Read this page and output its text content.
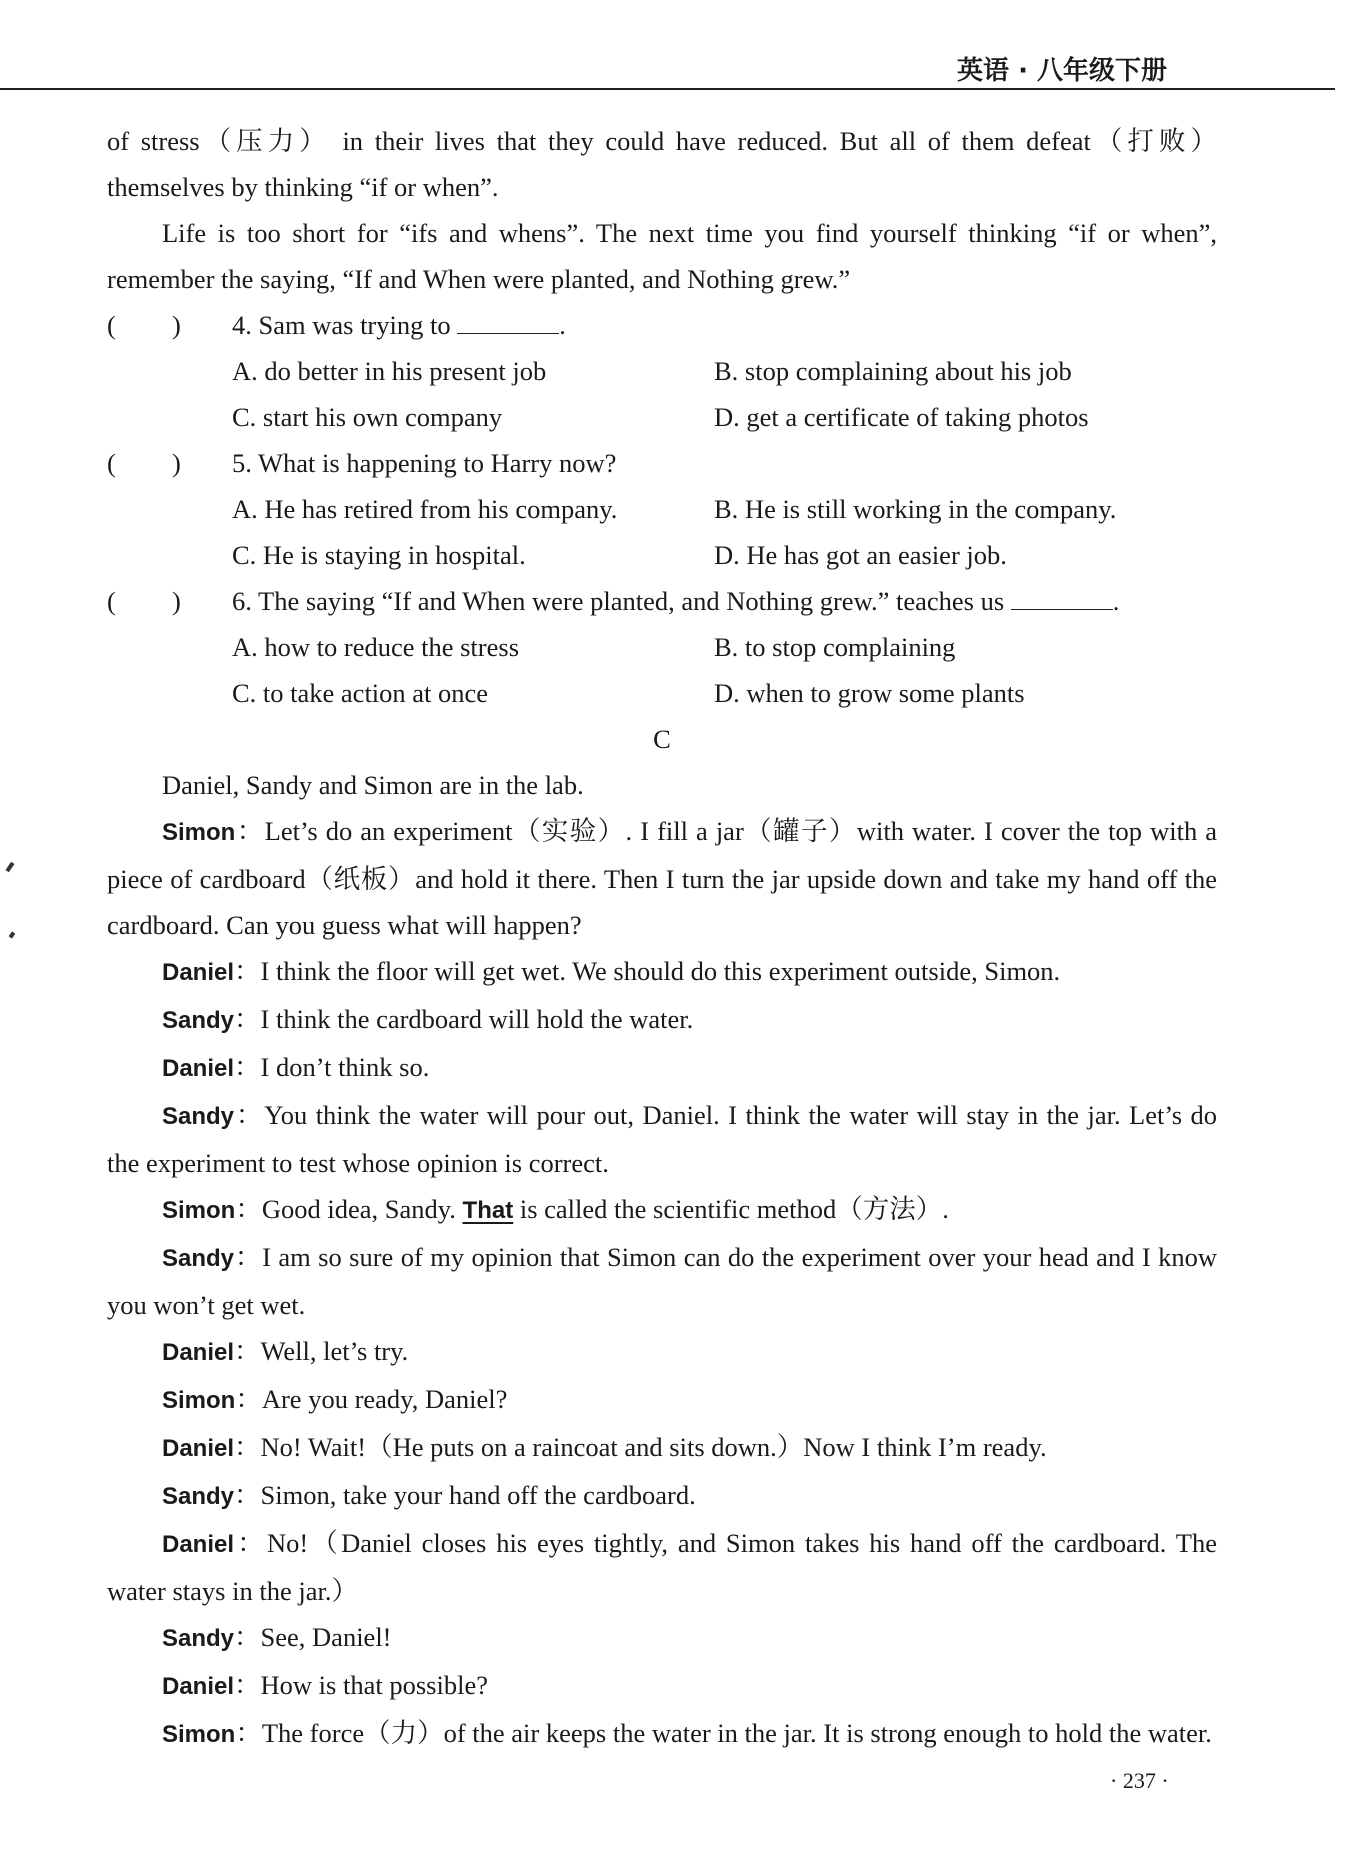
英语 · 八年级下册

of stress（压力） in their lives that they could have reduced. But all of them defeat（打败） themselves by thinking “if or when”.

Life is too short for “ifs and whens”. The next time you find yourself thinking “if or when”, remember the saying, “If and When were planted, and Nothing grew.”

( ) 4. Sam was trying to	.

A. do better in his present job	B. stop complaining about his job
C. start his own company	D. get a certificate of taking photos

( ) 5. What is happening to Harry now?

A. He has retired from his company.	B. He is still working in the company.
C. He is staying in hospital.	D. He has got an easier job.

( ) 6. The saying “If and When were planted, and Nothing grew.” teaches us	.

A. how to reduce the stress	B. to stop complaining
C. to take action at once	D. when to grow some plants

C

Daniel, Sandy and Simon are in the lab.

Simon：Let’s do an experiment（实验）. I fill a jar（罐子）with water. I cover the top with a piece of cardboard（纸板）and hold it there. Then I turn the jar upside down and take my hand off the cardboard. Can you guess what will happen?

Daniel：I think the floor will get wet. We should do this experiment outside, Simon.

Sandy：I think the cardboard will hold the water.

Daniel：I don’t think so.

Sandy：You think the water will pour out, Daniel. I think the water will stay in the jar. Let’s do the experiment to test whose opinion is correct.

Simon：Good idea, Sandy. That is called the scientific method（方法）.

Sandy：I am so sure of my opinion that Simon can do the experiment over your head and I know you won’t get wet.

Daniel：Well, let’s try.

Simon：Are you ready, Daniel?

Daniel：No! Wait!（He puts on a raincoat and sits down.）Now I think I’m ready.

Sandy：Simon, take your hand off the cardboard.

Daniel：No!（Daniel closes his eyes tightly, and Simon takes his hand off the cardboard. The water stays in the jar.）

Sandy：See, Daniel!

Daniel：How is that possible?

Simon：The force（力）of the air keeps the water in the jar. It is strong enough to hold the water.

· 237 ·
